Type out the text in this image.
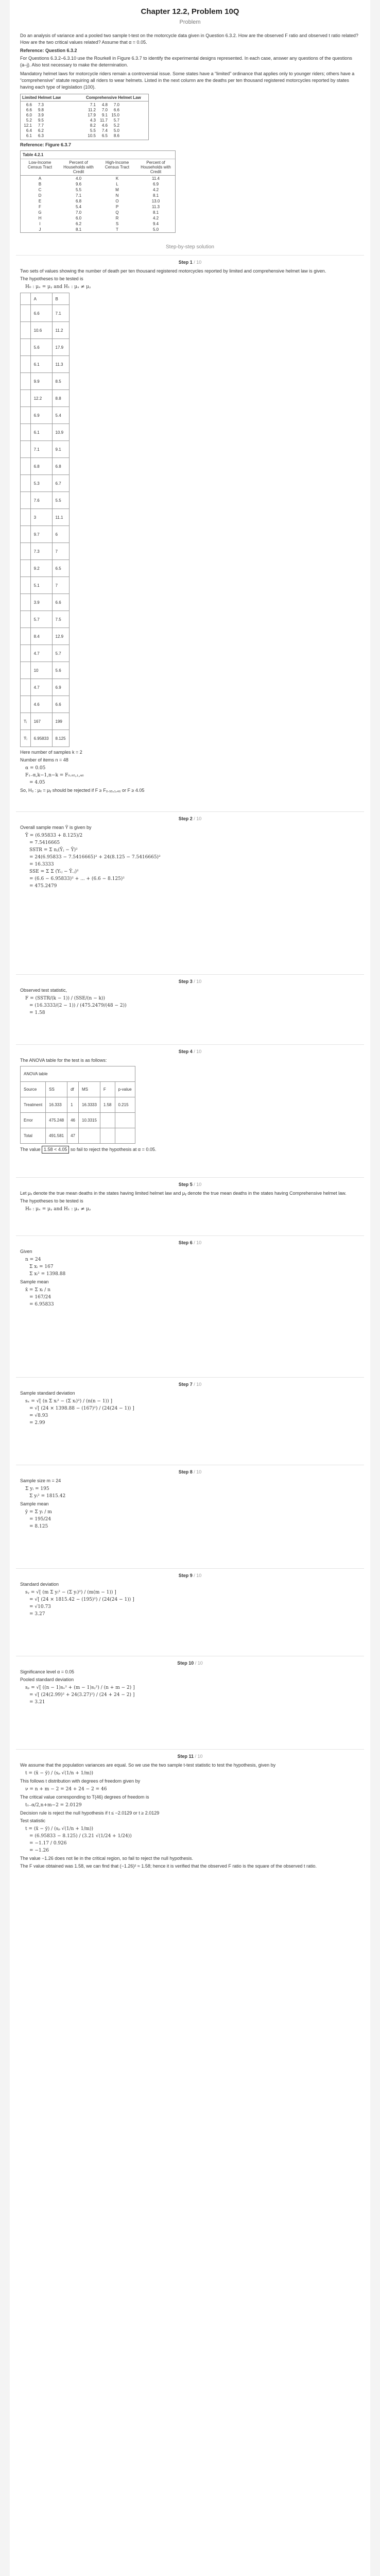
Chapter 12.2, Problem 10Q
Problem
Do an analysis of variance and a pooled two sample t-test on the motorcycle data given in Question 6.3.2. How are the observed F ratio and observed t ratio related? How are the two critical values related? Assume that α = 0.05.
Reference: Question 6.3.2
For Questions 6.3.2–6.3.10 use the Rourkell in Figure 6.3.7 to identify the experimental designs represented. In each case, answer any questions of the questions (a–j). Also test necessary to make the determination.
Mandatory helmet laws for motorcycle riders remain a controversial issue. Some states have a “limited” ordinance that applies only to younger riders; others have a “comprehensive” statute requiring all riders to wear helmets. Listed in the next column are the deaths per ten thousand registered motorcycles reported by states having each type of legislation (100).
Limited Helmet Law	Comprehensive Helmet Law
6.6 7.3
6.6 9.8
6.0 3.9
5.2 9.5
12.1 7.7
6.4 6.2
6.1 6.3
7.1 4.8 7.0
11.2 7.0 6.6
17.9 9.1 15.0
4.3 11.7 5.7
8.2 4.6 5.2
5.5 7.4 5.0
10.5 6.5 8.6
Reference: Figure 6.3.7
Table 4.2.1
Low-Income Census Tract
Percent of Households with Credit
High-Income Census Tract
Percent of Households with Credit
A	4.0	K	11.4
B	9.6	L	6.9
C	5.5	M	4.2
D	7.1	N	8.1
E	6.8	O	13.0
F	5.4	P	11.3
G	7.0	Q	8.1
H	6.0	R	4.2
I	6.2	S	9.4
J	8.1	T	5.0
Step-by-step solution
Step 1 / 10
Two sets of values showing the number of death per ten thousand registered motorcycles reported by limited and comprehensive helmet law is given.
The hypotheses to be tested is
H₀ : μₓ = μᵧ and H₁ : μₓ ≠ μᵧ
	A	B
	6.6	7.1
	10.6	11.2
	5.6	17.9
	6.1	11.3
	9.9	8.5
	12.2	8.8
	6.9	5.4
	6.1	10.9
	7.1	9.1
	6.8	6.8
	5.3	6.7
	7.6	5.5
	3	11.1
	9.7	6
	7.3	7
	9.2	6.5
	5.1	7
	3.9	6.6
	5.7	7.5
	8.4	12.9
	4.7	5.7
	10	5.6
	4.7	6.9
	4.6	6.6
Tᵢ	167	199
Ȳᵢ	6.95833	8.125
Here number of samples k = 2
Number of items n = 48
α = 0.05
F₁₋α,k−1,n−k = F₀.₉₅,₁,₄₆
= 4.05
So, H₀ : μₓ = μᵧ should be rejected if F ≥ F₀.₉₅,₁,₄₆ or F ≥ 4.05
Step 2 / 10
Overall sample mean Ȳ is given by
Ȳ = (6.95833 + 8.125)/2
= 7.5416665
SSTR = Σ nⱼ(Ȳⱼ − Ȳ)²
= 24(6.95833 − 7.5416665)² + 24(8.125 − 7.5416665)²
= 16.3333
SSE = Σ Σ (Yᵢⱼ − Ȳ.ⱼ)²
= (6.6 − 6.95833)² + ... + (6.6 − 8.125)²
= 475.2479
Step 3 / 10
Observed test statistic,
F = (SSTR/(k − 1)) / (SSE/(n − k))
= (16.3333/(2 − 1)) / (475.2479/(48 − 2))
= 1.58
Step 4 / 10
The ANOVA table for the test is as follows:
ANOVA table					
Source	SS	df	MS	F	p-value
Treatment	16.333	1	16.3333	1.58	0.215
Error	475.248	46	10.3315		
Total	491.581	47			
The value 1.58 < 4.05 so fail to reject the hypothesis at α = 0.05.
Step 5 / 10
Let μₓ denote the true mean deaths in the states having limited helmet law and μᵧ denote the true mean deaths in the states having Comprehensive helmet law.
The hypotheses to be tested is
H₀ : μₓ = μᵧ and H₁ : μₓ ≠ μᵧ
Step 6 / 10
Given
n = 24
Σ xᵢ = 167
Σ xᵢ² = 1398.88
Sample mean
x̄ = Σ xᵢ / n
= 167/24
= 6.95833
Step 7 / 10
Sample standard deviation
sₓ = √[ (n Σ xᵢ² − (Σ xᵢ)²) / (n(n − 1)) ]
= √[ (24 × 1398.88 − (167)²) / (24(24 − 1)) ]
= √8.93
= 2.99
Step 8 / 10
Sample size m = 24
Σ yᵢ = 195
Σ yᵢ² = 1815.42
Sample mean
ȳ = Σ yᵢ / m
= 195/24
= 8.125
Step 9 / 10
Standard deviation
sᵧ = √[ (m Σ yᵢ² − (Σ yᵢ)²) / (m(m − 1)) ]
= √[ (24 × 1815.42 − (195)²) / (24(24 − 1)) ]
= √10.73
= 3.27
Step 10 / 10
Significance level α = 0.05
Pooled standard deviation
sₚ = √[ ((n − 1)sₓ² + (m − 1)sᵧ²) / (n + m − 2) ]
= √[ (24(2.99)² + 24(3.27)²) / (24 + 24 − 2) ]
= 3.21
Step 11 / 10
We assume that the population variances are equal. So we use the two sample t-test statistic to test the hypothesis, given by
t = (x̄ − ȳ) / (sₚ √(1/n + 1/m))
This follows t distribution with degrees of freedom given by
ν = n + m − 2 = 24 + 24 − 2 = 46
The critical value corresponding to T(46) degrees of freedom is
t₁₋α/2,n+m−2 = 2.0129
Decision rule is reject the null hypothesis if t ≤ −2.0129 or t ≥ 2.0129
Test statistic
t = (x̄ − ȳ) / (sₚ √(1/n + 1/m))
= (6.95833 − 8.125) / (3.21 √(1/24 + 1/24))
= −1.17 / 0.926
= −1.26
The value −1.26 does not lie in the critical region, so fail to reject the null hypothesis.
The F value obtained was 1.58, we can find that (−1.26)² ≈ 1.58; hence it is verified that the observed F ratio is the square of the observed t ratio.
